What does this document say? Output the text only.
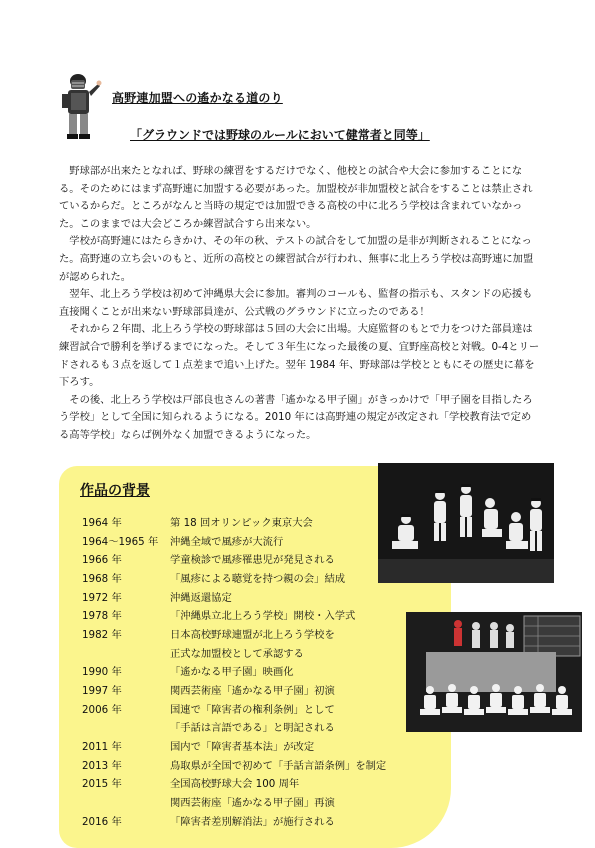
高野連加盟への遙かなる道のり
「グラウンドでは野球のルールにおいて健常者と同等」

野球部が出来たとなれば、野球の練習をするだけでなく、他校との試合や大会に参加することになる。そのためにはまず高野連に加盟する必要があった。加盟校が非加盟校と試合をすることは禁止されているからだ。ところがなんと当時の規定では加盟できる高校の中に北ろう学校は含まれていなかった。このままでは大会どころか練習試合すら出来ない。

学校が高野連にはたらきかけ、その年の秋、テストの試合をして加盟の是非が判断されることになった。高野連の立ち会いのもと、近所の高校との練習試合が行われ、無事に北上ろう学校は高野連に加盟が認められた。

翌年、北上ろう学校は初めて沖縄県大会に参加。審判のコールも、監督の指示も、スタンドの応援も直接聞くことが出来ない野球部員達が、公式戦のグラウンドに立ったのである！

それから２年間、北上ろう学校の野球部は５回の大会に出場。大庭監督のもとで力をつけた部員達は練習試合で勝利を挙げるまでになった。そして３年生になった最後の夏、宜野座高校と対戦。0-4とリードされるも３点を返して１点差まで追い上げた。翌年 1984 年、野球部は学校とともにその歴史に幕を下ろす。

その後、北上ろう学校は戸部良也さんの著書「遙かなる甲子園」がきっかけで「甲子園を目指したろう学校」として全国に知られるようになる。2010 年には高野連の規定が改定され「学校教育法で定める高等学校」ならば例外なく加盟できるようになった。

作品の背景
1964 年	第 18 回オリンピック東京大会
1964〜1965 年	沖縄全域で風疹が大流行
1966 年	学童検診で風疹罹患児が発見される
1968 年	「風疹による聴覚を持つ親の会」結成
1972 年	沖縄返還協定
1978 年	「沖縄県立北上ろう学校」開校・入学式
1982 年	日本高校野球連盟が北上ろう学校を
正式な加盟校として承認する
1990 年	「遙かなる甲子園」映画化
1997 年	関西芸術座「遙かなる甲子園」初演
2006 年	国連で「障害者の権利条例」として
「手話は言語である」と明記される
2011 年	国内で「障害者基本法」が改定
2013 年	鳥取県が全国で初めて「手話言語条例」を制定
2015 年	全国高校野球大会 100 周年
関西芸術座「遙かなる甲子園」再演
2016 年	「障害者差別解消法」が施行される
